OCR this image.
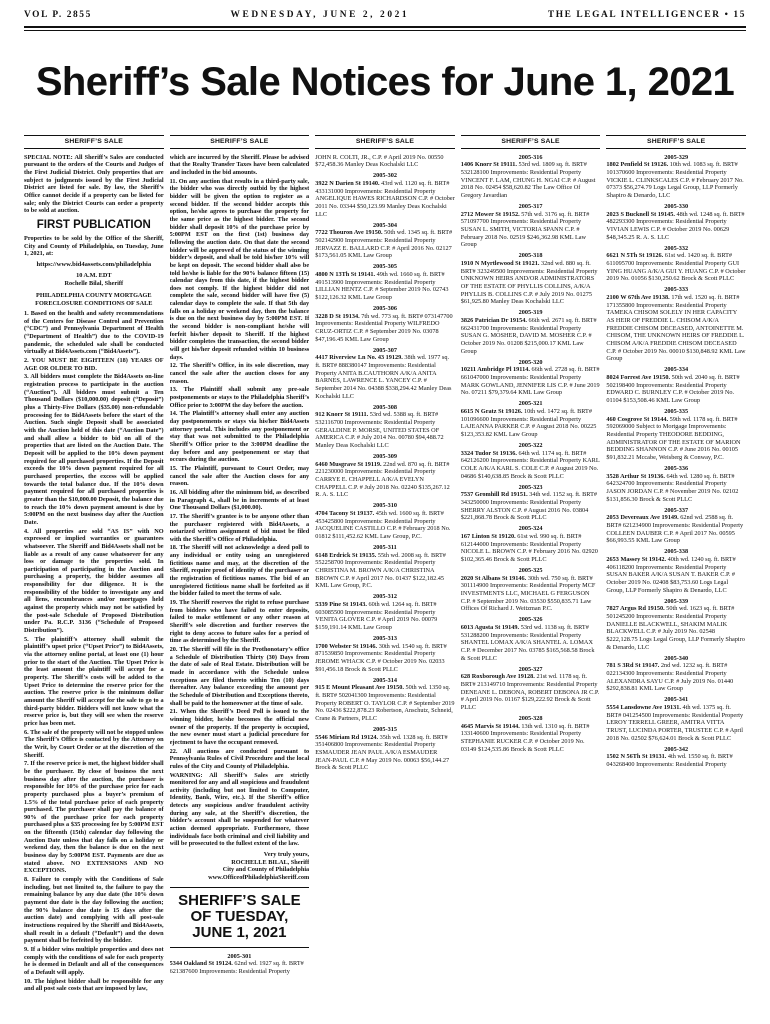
VOL P. 2855	WEDNESDAY, JUNE 2, 2021	THE LEGAL INTELLIGENCER • 15
Sheriff’s Sale Notices for June 1, 2021
SHERIFF’S SALE

SPECIAL NOTE: All Sheriff’s Sales are conducted pursuant to the orders of the Courts and Judges of the First Judicial District. Only properties that are subject to judgments issued by the First Judicial District are listed for sale. By law, the Sheriff’s Office cannot decide if a property can be listed for sale; only the District Courts can order a property to be sold at auction.

FIRST PUBLICATION

Properties to be sold by the Office of the Sheriff, City and County of Philadelphia, on Tuesday, June 1, 2021, at:

https://www.bid4assets.com/philadelphia
10 A.M. EDT
Rochelle Bilal, Sheriff
PHILADELPHIA COUNTY MORTGAGE FORECLOSURE CONDITIONS OF SALE

1. Based on the health and safety recommendations of the Centers for Disease Control and Prevention (“CDC”) and Pennsylvania Department of Health (“Department of Health”) due to the COVID-19 pandemic, the scheduled sale shall be conducted virtually at Bid4Assets.com (“Bid4Assets”).

2. YOU MUST BE EIGHTEEN (18) YEARS OF AGE OR OLDER TO BID.

3. All bidders must complete the Bid4Assets on-line registration process to participate in the auction (“Auction”). All bidders must submit a Ten Thousand Dollars ($10,000.00) deposit (“Deposit”) plus a Thirty-Five Dollars ($35.00) non-refundable processing fee to Bid4Assets before the start of the Auction. Such single Deposit shall be associated with the Auction held of this date (“Auction Date”) and shall allow a bidder to bid on all of the properties that are listed on the Auction Date. The Deposit will be applied to the 10% down payment required for all purchased properties. If the Deposit exceeds the 10% down payment required for all purchased properties, the excess will be applied towards the total balance due. If the 10% down payment required for all purchased properties is greater than the $10,000.00 Deposit, the balance due to reach the 10% down payment amount is due by 5:00PM on the next business day after the Auction Date.

4. All properties are sold “AS IS” with NO expressed or implied warranties or guarantees whatsoever. The Sheriff and Bid4Assets shall not be liable as a result of any cause whatsoever for any loss or damage to the properties sold. In participation of participating in the Auction and purchasing a property, the bidder assumes all responsibility for due diligence. It is the responsibility of the bidder to investigate any and all liens, encumbrances and/or mortgages held against the property which may not be satisfied by the post-sale Schedule of Proposed Distribution under Pa. R.C.P. 3136 (“Schedule of Proposed Distribution”).

5. The plaintiff’s attorney shall submit the plaintiff’s upset price (“Upset Price”) to Bid4Assets, via the attorney online portal, at least one (1) hour prior to the start of the Auction. The Upset Price is the least amount the plaintiff will accept for a property. The Sheriff’s costs will be added to the Upset Price to determine the reserve price for the auction. The reserve price is the minimum dollar amount the Sheriff will accept for the sale to go to a third-party bidder. Bidders will not know what the reserve price is, but they will see when the reserve price has been met.

6. The sale of the property will not be stopped unless The Sheriff’s Office is contacted by the Attorney on the Writ, by Court Order or at the discretion of the Sheriff.

7. If the reserve price is met, the highest bidder shall be the purchaser. By close of business the next business day after the auction, the purchaser is responsible for 10% of the purchase price for each property purchased plus a buyer’s premium of 1.5% of the total purchase price of each property purchased. The purchaser shall pay the balance of 90% of the purchase price for each property purchased plus a $35 processing fee by 5:00PM EST on the fifteenth (15th) calendar day following the Auction Date unless that day falls on a holiday or weekend day, then the balance is due on the next business day by 5:00PM EST. Payments are due as stated above. NO EXTENSIONS AND NO EXCEPTIONS.

8. Failure to comply with the Conditions of Sale including, but not limited to, the failure to pay the remaining balance by any due date (the 10% down payment due date is the day following the auction; the 90% balance due date is 15 days after the auction date) and complying with all post-sale instructions required by the Sheriff and Bid4Assets, shall result in a default (“Default”) and the down payment shall be forfeited by the bidder.

9. If a bidder wins multiple properties and does not comply with the conditions of sale for each property he is deemed in Default and all of the consequences of a Default will apply.

10. The highest bidder shall be responsible for any and all post sale costs that are imposed by law,

SHERIFF’S SALE

which are incurred by the Sheriff. Please be advised that the Realty Transfer Taxes have been calculated and included in the bid amounts.

11. On any auction that results in a third-party sale, the bidder who was directly outbid by the highest bidder will be given the option to register as a second bidder. If the second bidder accepts this option, he/she agrees to purchase the property for the same price as the highest bidder. The second bidder shall deposit 10% of the purchase price by 5:00PM EST on the first (1st) business day following the auction date. On that date the second bidder will be approved of the status of the winning bidder’s deposit, and shall be told his/her 10% will be kept on deposit. The second bidder shall also be told he/she is liable for the 90% balance fifteen (15) calendar days from this date, if the highest bidder does not comply. If the highest bidder did not complete the sale, second bidder will have five (5) calendar days to complete the sale. If that 5th day falls on a holiday or weekend day, then the balance is due on the next business day by 5:00PM EST. If the second bidder is non-compliant he/she will forfeit his/her deposit to Sheriff. If the highest bidder completes the transaction, the second bidder will get his/her deposit refunded within 10 business days.

12. The Sheriff’s Office, in its sole discretion, may cancel the sale after the auction closes for any reason.

13. The Plaintiff shall submit any pre-sale postponements or stays to the Philadelphia Sheriff’s Office prior to 3:00PM the day before the auction.

14. The Plaintiff’s attorney shall enter any auction day postponements or stays via his/her Bid4Assets attorney portal. This includes any postponement or stay that was not submitted to the Philadelphia Sheriff’s Office prior to the 3:00PM deadline the day before and any postponement or stay that occurs during the auction.

15. The Plaintiff, pursuant to Court Order, may cancel the sale after the Auction closes for any reason.

16. All bidding after the minimum bid, as described in Paragraph 4., shall be in increments of at least One Thousand Dollars ($1,000.00).

17. The Sheriff’s grantee is to be anyone other than the purchaser registered with Bid4Assets, a notarized written assignment of bid must be filed with the Sheriff’s Office of Philadelphia.

18. The Sheriff will not acknowledge a deed poll to any individual or entity using an unregistered fictitious name and may, at the discretion of the Sheriff, require proof of identity of the purchaser or the registration of fictitious names. The bid of an unregistered fictitious name shall be forfeited as if the bidder failed to meet the terms of sale.

19. The Sheriff reserves the right to refuse purchase from bidders who have failed to enter deposits, failed to make settlement or any other reason at Sheriff’s sole discretion and further reserves the right to deny access to future sales for a period of time as determined by the Sheriff.

20. The Sheriff will file in the Prothonotary’s office a Schedule of Distribution Thirty (30) Days from the date of sale of Real Estate. Distribution will be made in accordance with the Schedule unless exceptions are filed thereto within Ten (10) days thereafter. Any balance exceeding the amount per the Schedule of Distribution and Exceptions thereto, shall be paid to the homeowner at the time of sale.

21. When the Sheriff’s Deed Poll is issued to the winning bidder, he/she becomes the official new owner of the property. If the property is occupied, the new owner must start a judicial procedure for ejectment to have the occupant removed.

22. All auctions are conducted pursuant to Pennsylvania Rules of Civil Procedure and the local rules of the City and County of Philadelphia.

WARNING: All Sheriff’s Sales are strictly monitored for any and all suspicious and fraudulent activity (including but not limited to Computer, Identity, Bank, Wire, etc.). If the Sheriff’s office detects any suspicious and/or fraudulent activity during any sale, at the Sheriff’s discretion, the bidder’s account shall be suspended for whatever action deemed appropriate. Furthermore, those individuals face both criminal and civil liability and will be prosecuted to the fullest extent of the law.

Very truly yours,
ROCHELLE BILAL, Sheriff
City and County of Philadelphia
www.OfficeofPhiladelphiaSheriff.com
SHERIFF’S SALE OF TUESDAY, JUNE 1, 2021
2005-301
5344 Oakland St 19124. 62nd wd. 1927 sq. ft. BRT# 621387600 Improvements: Residential Property
SHERIFF’S SALE
JOHN R. COLTI, JR., C.P. # April 2019 No. 00550 $72,458.36 Manley Deas Kochalski LLC
2005-302
3922 N Darien St 19140. 43rd wd. 1120 sq. ft. BRT# 433131000 Improvements: Residential Property ANGELIQUE HAWES RICHARDSON C.P. # October 2011 No. 03344 $50,123.99 Manley Deas Kochalski LLC
2005-304
7722 Thouron Ave 19150. 50th wd. 1345 sq. ft. BRT# 502142900 Improvements: Residential Property JERVAZZ E. BALLARD C.P. # April 2016 No. 02127 $173,561.05 KML Law Group
2005-305
4800 N 13Th St 19141. 49th wd. 1660 sq. ft. BRT# 491513900 Improvements: Residential Property LILLIAN HENTZ C.P. # September 2019 No. 02743 $122,126.32 KML Law Group
2005-306
3228 D St 19134. 7th wd. 773 sq. ft. BRT# 073147700 Improvements: Residential Property WILFREDO CRUZ-ORTIZ C.P. # September 2019 No. 03078 $47,196.45 KML Law Group
2005-307
4417 Riverview Ln No. 43 19129. 38th wd. 1977 sq. ft. BRT# 888380147 Improvements: Residential Property ANITA B.CAUTHORN A/K/A ANITA BARNES, LAWRENCE L. YANCEY C.P. # September 2014 No. 04388 $338,294.42 Manley Deas Kochalski LLC
2005-308
912 Knorr St 19111. 53rd wd. 5388 sq. ft. BRT# 532116700 Improvements: Residential Property GERALDINE P. MORSE, UNITED STATES OF AMERICA C.P. # July 2014 No. 00780 $94,488.72 Manley Deas Kochalski LLC
2005-309
6460 Musgrave St 19119. 22nd wd. 870 sq. ft. BRT# 221230000 Improvements: Residential Property CARRYE E. CHAPPELL A/K/A EVELYN CHAPPELL C.P. # July 2018 No. 02240 $135,267.12 R. A. S. LLC
2005-310
4704 Tacony St 19137. 45th wd. 1600 sq. ft. BRT# 453425800 Improvements: Residential Property JACQUELINE CASTILLO C.P. # February 2018 No. 01812 $111,452.62 KML Law Group, P.C.
2005-311
6148 Erdrick St 19135. 55th wd. 2008 sq. ft. BRT# 552258700 Improvements: Residential Property CHRISTINA M. BROWN A/K/A CHRISTINA BROWN C.P. # April 2017 No. 01437 $122,182.45 KML Law Group, P.C.
2005-312
5339 Pine St 19143. 60th wd. 1264 sq. ft. BRT# 603085500 Improvements: Residential Property VENITA GLOVER C.P. # April 2019 No. 00079 $159,191.14 KML Law Group
2005-313
1700 Webster St 19146. 30th wd. 1540 sq. ft. BRT# 871539850 Improvements: Residential Property JEROME WHACK C.P. # October 2019 No. 02033 $91,456.18 Brock & Scott PLLC
2005-314
915 E Mount Pleasant Ave 19150. 50th wd. 1350 sq. ft. BRT# 502041300 Improvements: Residential Property ROBERT O. TAYLOR C.P. # September 2019 No. 02436 $222,878.23 Robertson, Anschutz, Schneid, Crane & Partners, PLLC
2005-315
5546 Miriam Rd 19124. 35th wd. 1328 sq. ft. BRT# 351406800 Improvements: Residential Property ESMAUDER JEAN PAUL A/K/A ESMAUDER JEAN-PAUL C.P. # May 2019 No. 00063 $56,144.27 Brock & Scott PLLC
SHERIFF’S SALE
2005-316
1406 Knorr St 19111. 53rd wd. 1809 sq. ft. BRT# 532128100 Improvements: Residential Property VINCENT F. LAM, CHUNG H. NGAI C.P. # August 2018 No. 02454 $58,620.82 The Law Office Of Gregory Javardian
2005-317
2712 Mower St 19152. 57th wd. 3176 sq. ft. BRT# 571097700 Improvements: Residential Property SUSAN L. SMITH, VICTORIA SPANN C.P. # February 2018 No. 02519 $246,362.98 KML Law Group
2005-318
1910 N Myrtlewood St 19121. 32nd wd. 880 sq. ft. BRT# 323249500 Improvements: Residential Property UNKNOWN HEIRS AND/OR ADMINISTRATORS OF THE ESTATE OF PHYLLIS COLLINS, A/K/A PHYLLIS B. COLLINS C.P. # July 2019 No. 01275 $61,925.80 Manley Deas Kochalski LLC
2005-319
3826 Patrician Dr 19154. 66th wd. 2671 sq. ft. BRT# 662431700 Improvements: Residential Property SUSAN G. MOSHER, DAVID M. MOSHER C.P. # October 2019 No. 01208 $215,000.17 KML Law Group
2005-320
10211 Ambridge Pl 19114. 66th wd. 2728 sq. ft. BRT# 661047000 Improvements: Residential Property MARK GOWLAND, JENNIFER LIS C.P. # June 2019 No. 07211 $79,379.64 KML Law Group
2005-321
6615 N Gratz St 19126. 10th wd. 1472 sq. ft. BRT# 101096600 Improvements: Residential Property LAJEANNA PARKER C.P. # August 2018 No. 00225 $123,353.82 KML Law Group
2005-322
3324 Tudor St 19136. 64th wd. 1174 sq. ft. BRT# 642126200 Improvements: Residential Property KARL COLE A/K/A KARL S. COLE C.P. # August 2019 No. 04686 $140,638.85 Brock & Scott PLLC
2005-323
7537 Gromhill Rd 19151. 34th wd. 1152 sq. ft. BRT# 343250000 Improvements: Residential Property SHERRY ALSTON C.P. # August 2016 No. 03804 $221,868.78 Brock & Scott PLLC
2005-324
167 Linton St 19120. 61st wd. 990 sq. ft. BRT# 612144000 Improvements: Residential Property NICOLE L. BROWN C.P. # February 2016 No. 02920 $102,365.46 Brock & Scott PLLC
2005-325
2020 St Albans St 19146. 30th wd. 750 sq. ft. BRT# 301114900 Improvements: Residential Property MCF INVESTMENTS LLC, MICHAEL G FERGUSON C.P. # September 2019 No. 03530 $550,835.71 Law Offices Of Richard J. Weitzman P.C.
2005-326
6013 Agusta St 19149. 53rd wd. 1138 sq. ft. BRT# 531288200 Improvements: Residential Property SHANTEL LOMAX A/K/A SHANTEL A. LOMAX C.P. # December 2017 No. 03785 $165,568.58 Brock & Scott PLLC
2005-327
628 Roxborough Ave 19128. 21st wd. 1178 sq. ft. BRT# 213149710 Improvements: Residential Property DENEANE L. DEBONA, ROBERT DEBONA JR C.P. # April 2019 No. 01167 $129,222.92 Brock & Scott PLLC
2005-328
4645 Marvis St 19144. 13th wd. 1310 sq. ft. BRT# 133140600 Improvements: Residential Property STEPHANIE RUCKER C.P. # October 2019 No. 03149 $124,535.86 Brock & Scott PLLC
SHERIFF’S SALE
2005-329
1802 Penfield St 19126. 10th wd. 1083 sq. ft. BRT# 101370600 Improvements: Residential Property VICKIE L. CLINKSCALES C.P. # February 2017 No. 07373 $56,274.79 Logs Legal Group, LLP Formerly Shapiro & Denardo, LLC
2005-330
2023 S Bucknell St 19145. 48th wd. 1248 sq. ft. BRT# 482293300 Improvements: Residential Property VIVIAN LEWIS C.P. # October 2019 No. 00629 $48,345.25 R. A. S. LLC
2005-332
6621 N 5Th St 19126. 61st wd. 1420 sq. ft. BRT# 611095700 Improvements: Residential Property GUI YING HUANG A/K/A GUI Y. HUANG C.P. # October 2019 No. 01056 $130,250.62 Brock & Scott PLLC
2005-333
2100 W 67th Ave 19138. 17th wd. 1520 sq. ft. BRT# 171355800 Improvements: Residential Property TAMEKA CHISOM SOLELY IN HER CAPACITY AS HEIR OF FREDDIE L. CHISOM A/K/A FREDDIE CHISOM DECEASED, ANTOINETTE M. CHISOM, THE UNKNOWN HEIRS OF FREDDIE L. CHISOM A/K/A FREDDIE CHISOM DECEASED C.P. # October 2019 No. 00010 $130,848.92 KML Law Group
2005-334
8024 Forrest Ave 19150. 50th wd. 2040 sq. ft. BRT# 502198400 Improvements: Residential Property EDWARD C. BURNLEY C.P. # October 2019 No. 01104 $153,508.46 KML Law Group
2005-335
460 Cosgrove St 19144. 59th wd. 1178 sq. ft. BRT# 592069000 Subject to Mortgage Improvements: Residential Property THEODORE BEDDING, ADMINISTRATOR OF THE ESTATE OF MARION BEDDING SHANNON C.P. # June 2016 No. 00105 $91,832.21 Mccabe, Weisberg & Conway, P.C.
2005-336
3528 Arthur St 19136. 64th wd. 1280 sq. ft. BRT# 642324700 Improvements: Residential Property JASON JORDAN C.P. # November 2019 No. 02102 $131,856.30 Brock & Scott PLLC
2005-337
2053 Devereaux Ave 19149. 62nd wd. 2588 sq. ft. BRT# 621234900 Improvements: Residential Property COLLEEN DAUBER C.P. # April 2017 No. 00595 $66,993.55 KML Law Group
2005-338
2653 Massey St 19142. 40th wd. 1240 sq. ft. BRT# 406118200 Improvements: Residential Property SUSAN BAKER A/K/A SUSAN T. BAKER C.P. # October 2019 No. 02408 $83,753.60 Logs Legal Group, LLP Formerly Shapiro & Denardo, LLC
2005-339
7827 Argus Rd 19150. 50th wd. 1623 sq. ft. BRT# 501245200 Improvements: Residential Property DANIELLE BLACKWELL, SHAKIM MALIK BLACKWELL C.P. # July 2019 No. 02548 $222,128.75 Logs Legal Group, LLP Formerly Shapiro & Denardo, LLC
2005-340
781 S 3Rd St 19147. 2nd wd. 1232 sq. ft. BRT# 022134300 Improvements: Residential Property ALEXANDRA SAYU C.P. # July 2019 No. 01440 $292,838.81 KML Law Group
2005-341
5554 Lansdowne Ave 19131. 4th wd. 1375 sq. ft. BRT# 041254500 Improvements: Residential Property LEROY TERRELL GREER, AMITRA VITTA TRUST, LUCINDA PORTER, TRUSTEE C.P. # April 2018 No. 02502 $76,624.01 Brock & Scott PLLC
2005-342
1502 N 56Th St 19131. 4th wd. 1550 sq. ft. BRT# 043268400 Improvements: Residential Property
